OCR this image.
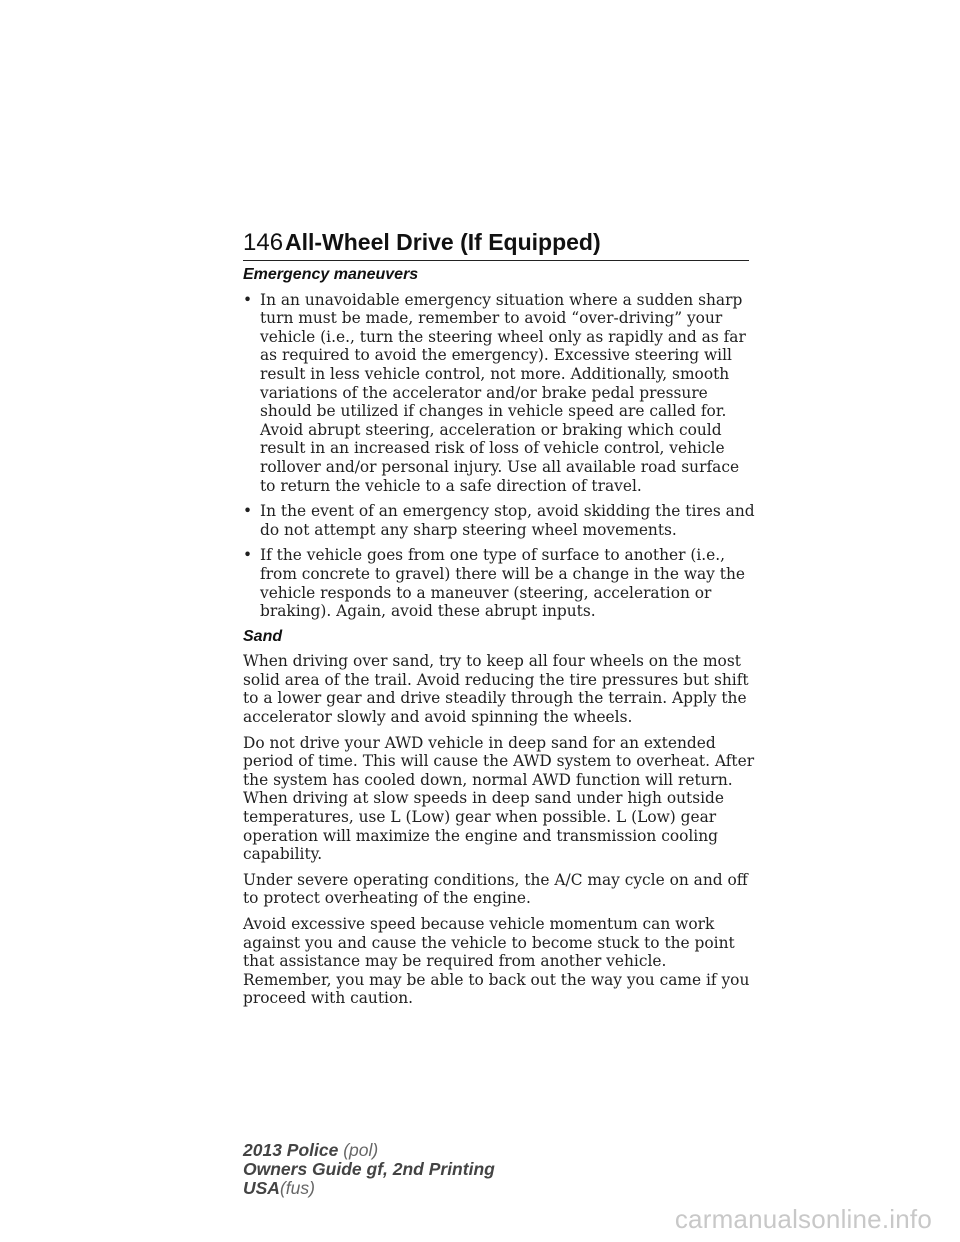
146 All-Wheel Drive (If Equipped)
Emergency maneuvers
• In an unavoidable emergency situation where a sudden sharp turn must be made, remember to avoid “over-driving” your vehicle (i.e., turn the steering wheel only as rapidly and as far as required to avoid the emergency). Excessive steering will result in less vehicle control, not more. Additionally, smooth variations of the accelerator and/or brake pedal pressure should be utilized if changes in vehicle speed are called for. Avoid abrupt steering, acceleration or braking which could result in an increased risk of loss of vehicle control, vehicle rollover and/or personal injury. Use all available road surface to return the vehicle to a safe direction of travel.
• In the event of an emergency stop, avoid skidding the tires and do not attempt any sharp steering wheel movements.
• If the vehicle goes from one type of surface to another (i.e., from concrete to gravel) there will be a change in the way the vehicle responds to a maneuver (steering, acceleration or braking). Again, avoid these abrupt inputs.
Sand

When driving over sand, try to keep all four wheels on the most solid area of the trail. Avoid reducing the tire pressures but shift to a lower gear and drive steadily through the terrain. Apply the accelerator slowly and avoid spinning the wheels.

Do not drive your AWD vehicle in deep sand for an extended period of time. This will cause the AWD system to overheat. After the system has cooled down, normal AWD function will return. When driving at slow speeds in deep sand under high outside temperatures, use L (Low) gear when possible. L (Low) gear operation will maximize the engine and transmission cooling capability.

Under severe operating conditions, the A/C may cycle on and off to protect overheating of the engine.

Avoid excessive speed because vehicle momentum can work against you and cause the vehicle to become stuck to the point that assistance may be required from another vehicle. Remember, you may be able to back out the way you came if you proceed with caution.

2013 Police (pol)
Owners Guide gf, 2nd Printing
USA(fus)
carmanualsonline.info
